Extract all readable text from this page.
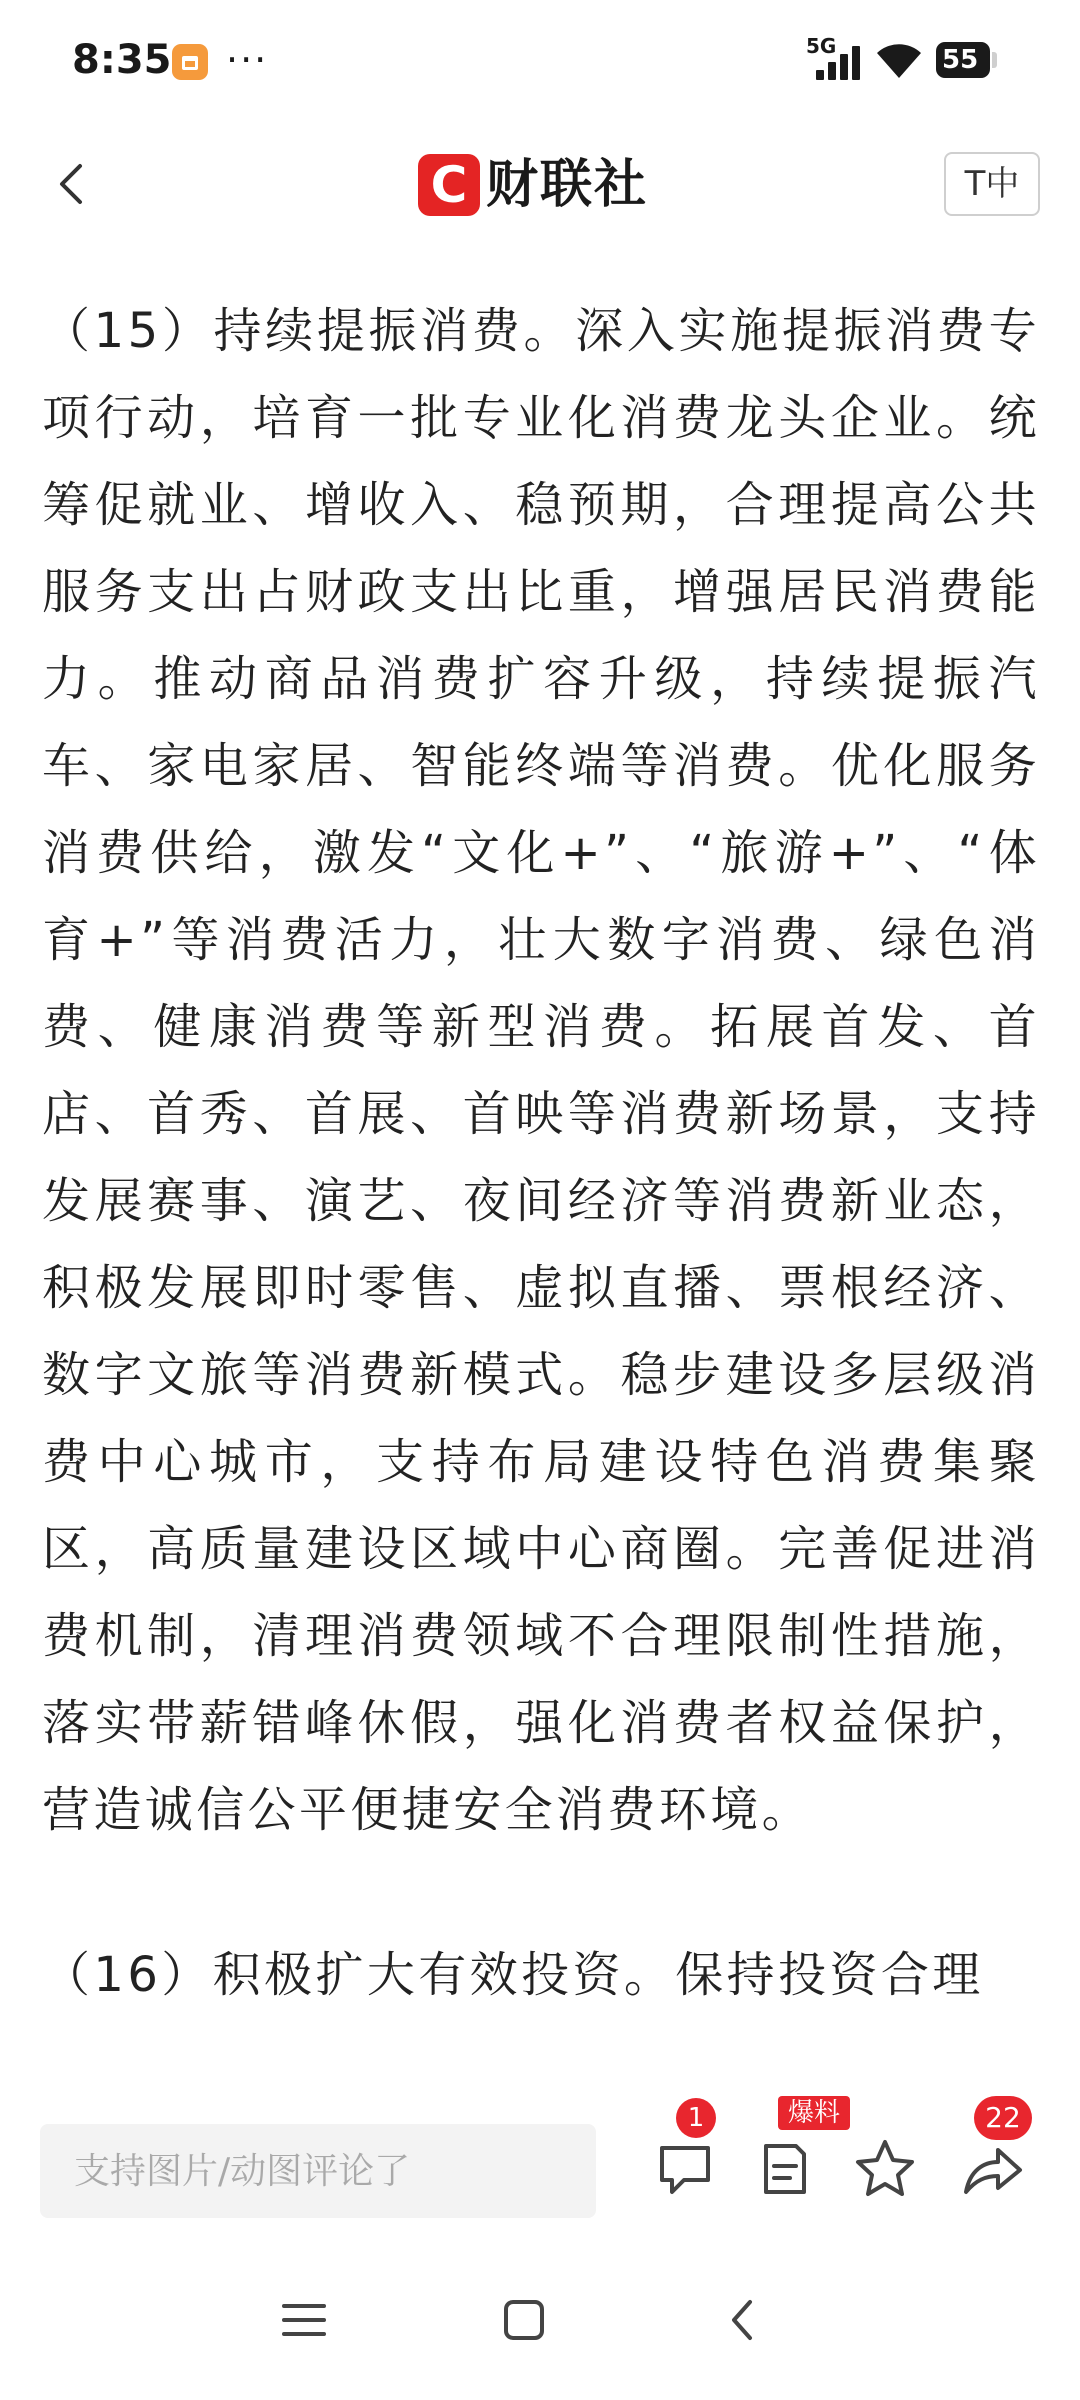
8:35 ···	5G	55
C 财联社	T中

（15）持续提振消费。深入实施提振消费专项行动，培育一批专业化消费龙头企业。统筹促就业、增收入、稳预期，合理提高公共服务支出占财政支出比重，增强居民消费能力。推动商品消费扩容升级，持续提振汽车、家电家居、智能终端等消费。优化服务消费供给，激发“文化+”、“旅游+”、“体育+”等消费活力，壮大数字消费、绿色消费、健康消费等新型消费。拓展首发、首店、首秀、首展、首映等消费新场景，支持发展赛事、演艺、夜间经济等消费新业态，积极发展即时零售、虚拟直播、票根经济、数字文旅等消费新模式。稳步建设多层级消费中心城市，支持布局建设特色消费集聚区，高质量建设区域中心商圈。完善促进消费机制，清理消费领域不合理限制性措施，落实带薪错峰休假，强化消费者权益保护，营造诚信公平便捷安全消费环境。

（16）积极扩大有效投资。保持投资合理

支持图片/动图评论了
1	爆料	22
